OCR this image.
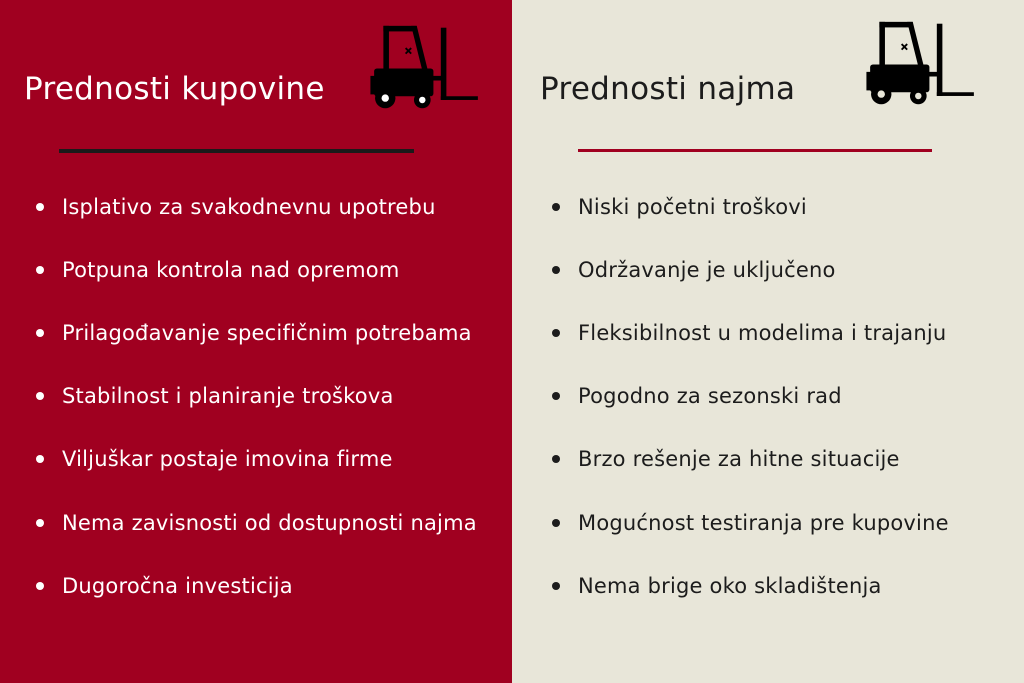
Prednosti kupovine
Isplativo za svakodnevnu upotrebu
Potpuna kontrola nad opremom
Prilagođavanje specifičnim potrebama
Stabilnost i planiranje troškova
Viljuškar postaje imovina firme
Nema zavisnosti od dostupnosti najma
Dugoročna investicija
Prednosti najma
Niski početni troškovi
Održavanje je uključeno
Fleksibilnost u modelima i trajanju
Pogodno za sezonski rad
Brzo rešenje za hitne situacije
Mogućnost testiranja pre kupovine
Nema brige oko skladištenja
